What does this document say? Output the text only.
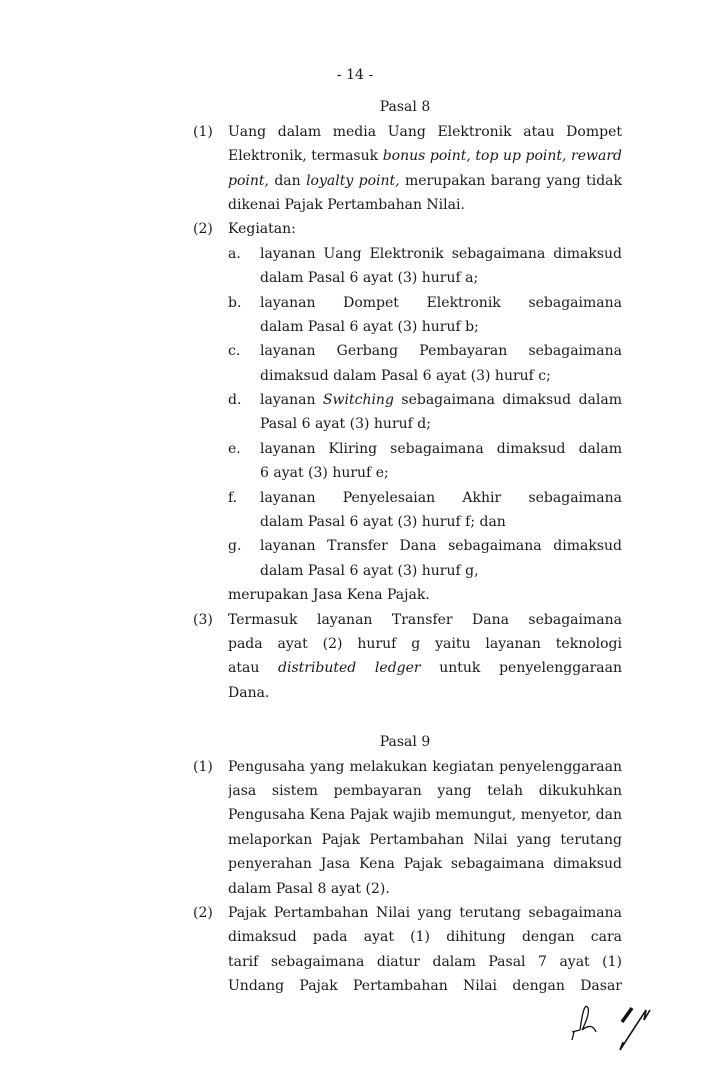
- 14 -
Pasal 8
(1) Uang dalam media Uang Elektronik atau Dompet
Elektronik, termasuk bonus point, top up point, reward
point, dan loyalty point, merupakan barang yang tidak
dikenai Pajak Pertambahan Nilai.
(2) Kegiatan:
a. layanan Uang Elektronik sebagaimana dimaksud
dalam Pasal 6 ayat (3) huruf a;
b. layanan Dompet Elektronik sebagaimana
dalam Pasal 6 ayat (3) huruf b;
c. layanan Gerbang Pembayaran sebagaimana
dimaksud dalam Pasal 6 ayat (3) huruf c;
d. layanan Switching sebagaimana dimaksud dalam
Pasal 6 ayat (3) huruf d;
e. layanan Kliring sebagaimana dimaksud dalam
6 ayat (3) huruf e;
f. layanan Penyelesaian Akhir sebagaimana
dalam Pasal 6 ayat (3) huruf f; dan
g. layanan Transfer Dana sebagaimana dimaksud
dalam Pasal 6 ayat (3) huruf g,
merupakan Jasa Kena Pajak.
(3) Termasuk layanan Transfer Dana sebagaimana
pada ayat (2) huruf g yaitu layanan teknologi
atau distributed ledger untuk penyelenggaraan
Dana.
Pasal 9
(1) Pengusaha yang melakukan kegiatan penyelenggaraan
jasa sistem pembayaran yang telah dikukuhkan
Pengusaha Kena Pajak wajib memungut, menyetor, dan
melaporkan Pajak Pertambahan Nilai yang terutang
penyerahan Jasa Kena Pajak sebagaimana dimaksud
dalam Pasal 8 ayat (2).
(2) Pajak Pertambahan Nilai yang terutang sebagaimana
dimaksud pada ayat (1) dihitung dengan cara
tarif sebagaimana diatur dalam Pasal 7 ayat (1)
Undang Pajak Pertambahan Nilai dengan Dasar
